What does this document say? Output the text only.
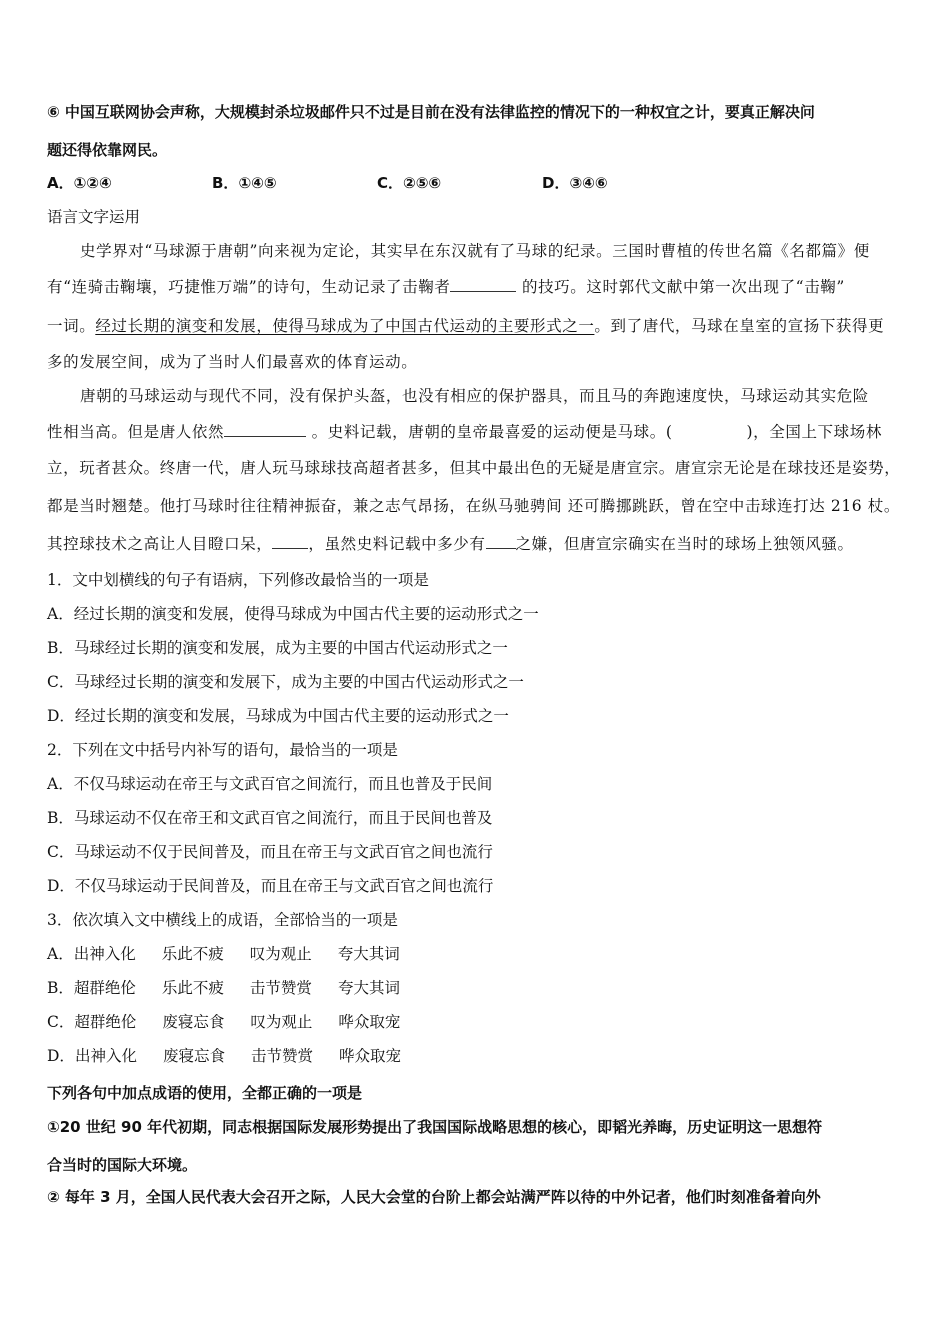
⑥ 中国互联网协会声称，大规模封杀垃圾邮件只不过是目前在没有法律监控的情况下的一种权宜之计，要真正解决问
题还得依靠网民。
A．①②④	B．①④⑤	C．②⑤⑥	D．③④⑥
语言文字运用
史学界对“马球源于唐朝”向来视为定论，其实早在东汉就有了马球的纪录。三国时曹植的传世名篇《名都篇》便
有“连骑击鞠壤，巧捷惟万端”的诗句，生动记录了击鞠者	的技巧。这时郭代文献中第一次出现了“击鞠”
一词。经过长期的演变和发展，使得马球成为了中国古代运动的主要形式之一。到了唐代，马球在皇室的宣扬下获得更
多的发展空间，成为了当时人们最喜欢的体育运动。
唐朝的马球运动与现代不同，没有保护头盔，也没有相应的保护器具，而且马的奔跑速度快，马球运动其实危险
性相当高。但是唐人依然	。史料记载，唐朝的皇帝最喜爱的运动便是马球。(	)，全国上下球场林
立，玩者甚众。终唐一代，唐人玩马球球技高超者甚多，但其中最出色的无疑是唐宣宗。唐宣宗无论是在球技还是姿势，
都是当时翘楚。他打马球时往往精神振奋，兼之志气昂扬，在纵马驰骋间 还可腾挪跳跃，曾在空中击球连打达 216 杖。
其控球技术之高让人目瞪口呆， ，虽然史料记载中多少有 之嫌，但唐宣宗确实在当时的球场上独领风骚。
1．文中划横线的句子有语病，下列修改最恰当的一项是
A．经过长期的演变和发展，使得马球成为中国古代主要的运动形式之一
B．马球经过长期的演变和发展，成为主要的中国古代运动形式之一
C．马球经过长期的演变和发展下，成为主要的中国古代运动形式之一
D．经过长期的演变和发展，马球成为中国古代主要的运动形式之一
2．下列在文中括号内补写的语句，最恰当的一项是
A．不仅马球运动在帝王与文武百官之间流行，而且也普及于民间
B．马球运动不仅在帝王和文武百官之间流行，而且于民间也普及
C．马球运动不仅于民间普及，而且在帝王与文武百官之间也流行
D．不仅马球运动于民间普及，而且在帝王与文武百官之间也流行
3．依次填入文中横线上的成语，全部恰当的一项是
A．出神入化 乐此不疲 叹为观止 夸大其词
B．超群绝伦 乐此不疲 击节赞赏 夸大其词
C．超群绝伦 废寝忘食 叹为观止 哗众取宠
D．出神入化 废寝忘食 击节赞赏 哗众取宠
下列各句中加点成语的使用，全都正确的一项是
①20 世纪 90 年代初期，同志根据国际发展形势提出了我国国际战略思想的核心，即韬光养晦，历史证明这一思想符
合当时的国际大环境。
② 每年 3 月，全国人民代表大会召开之际，人民大会堂的台阶上都会站满严阵以待的中外记者，他们时刻准备着向外
